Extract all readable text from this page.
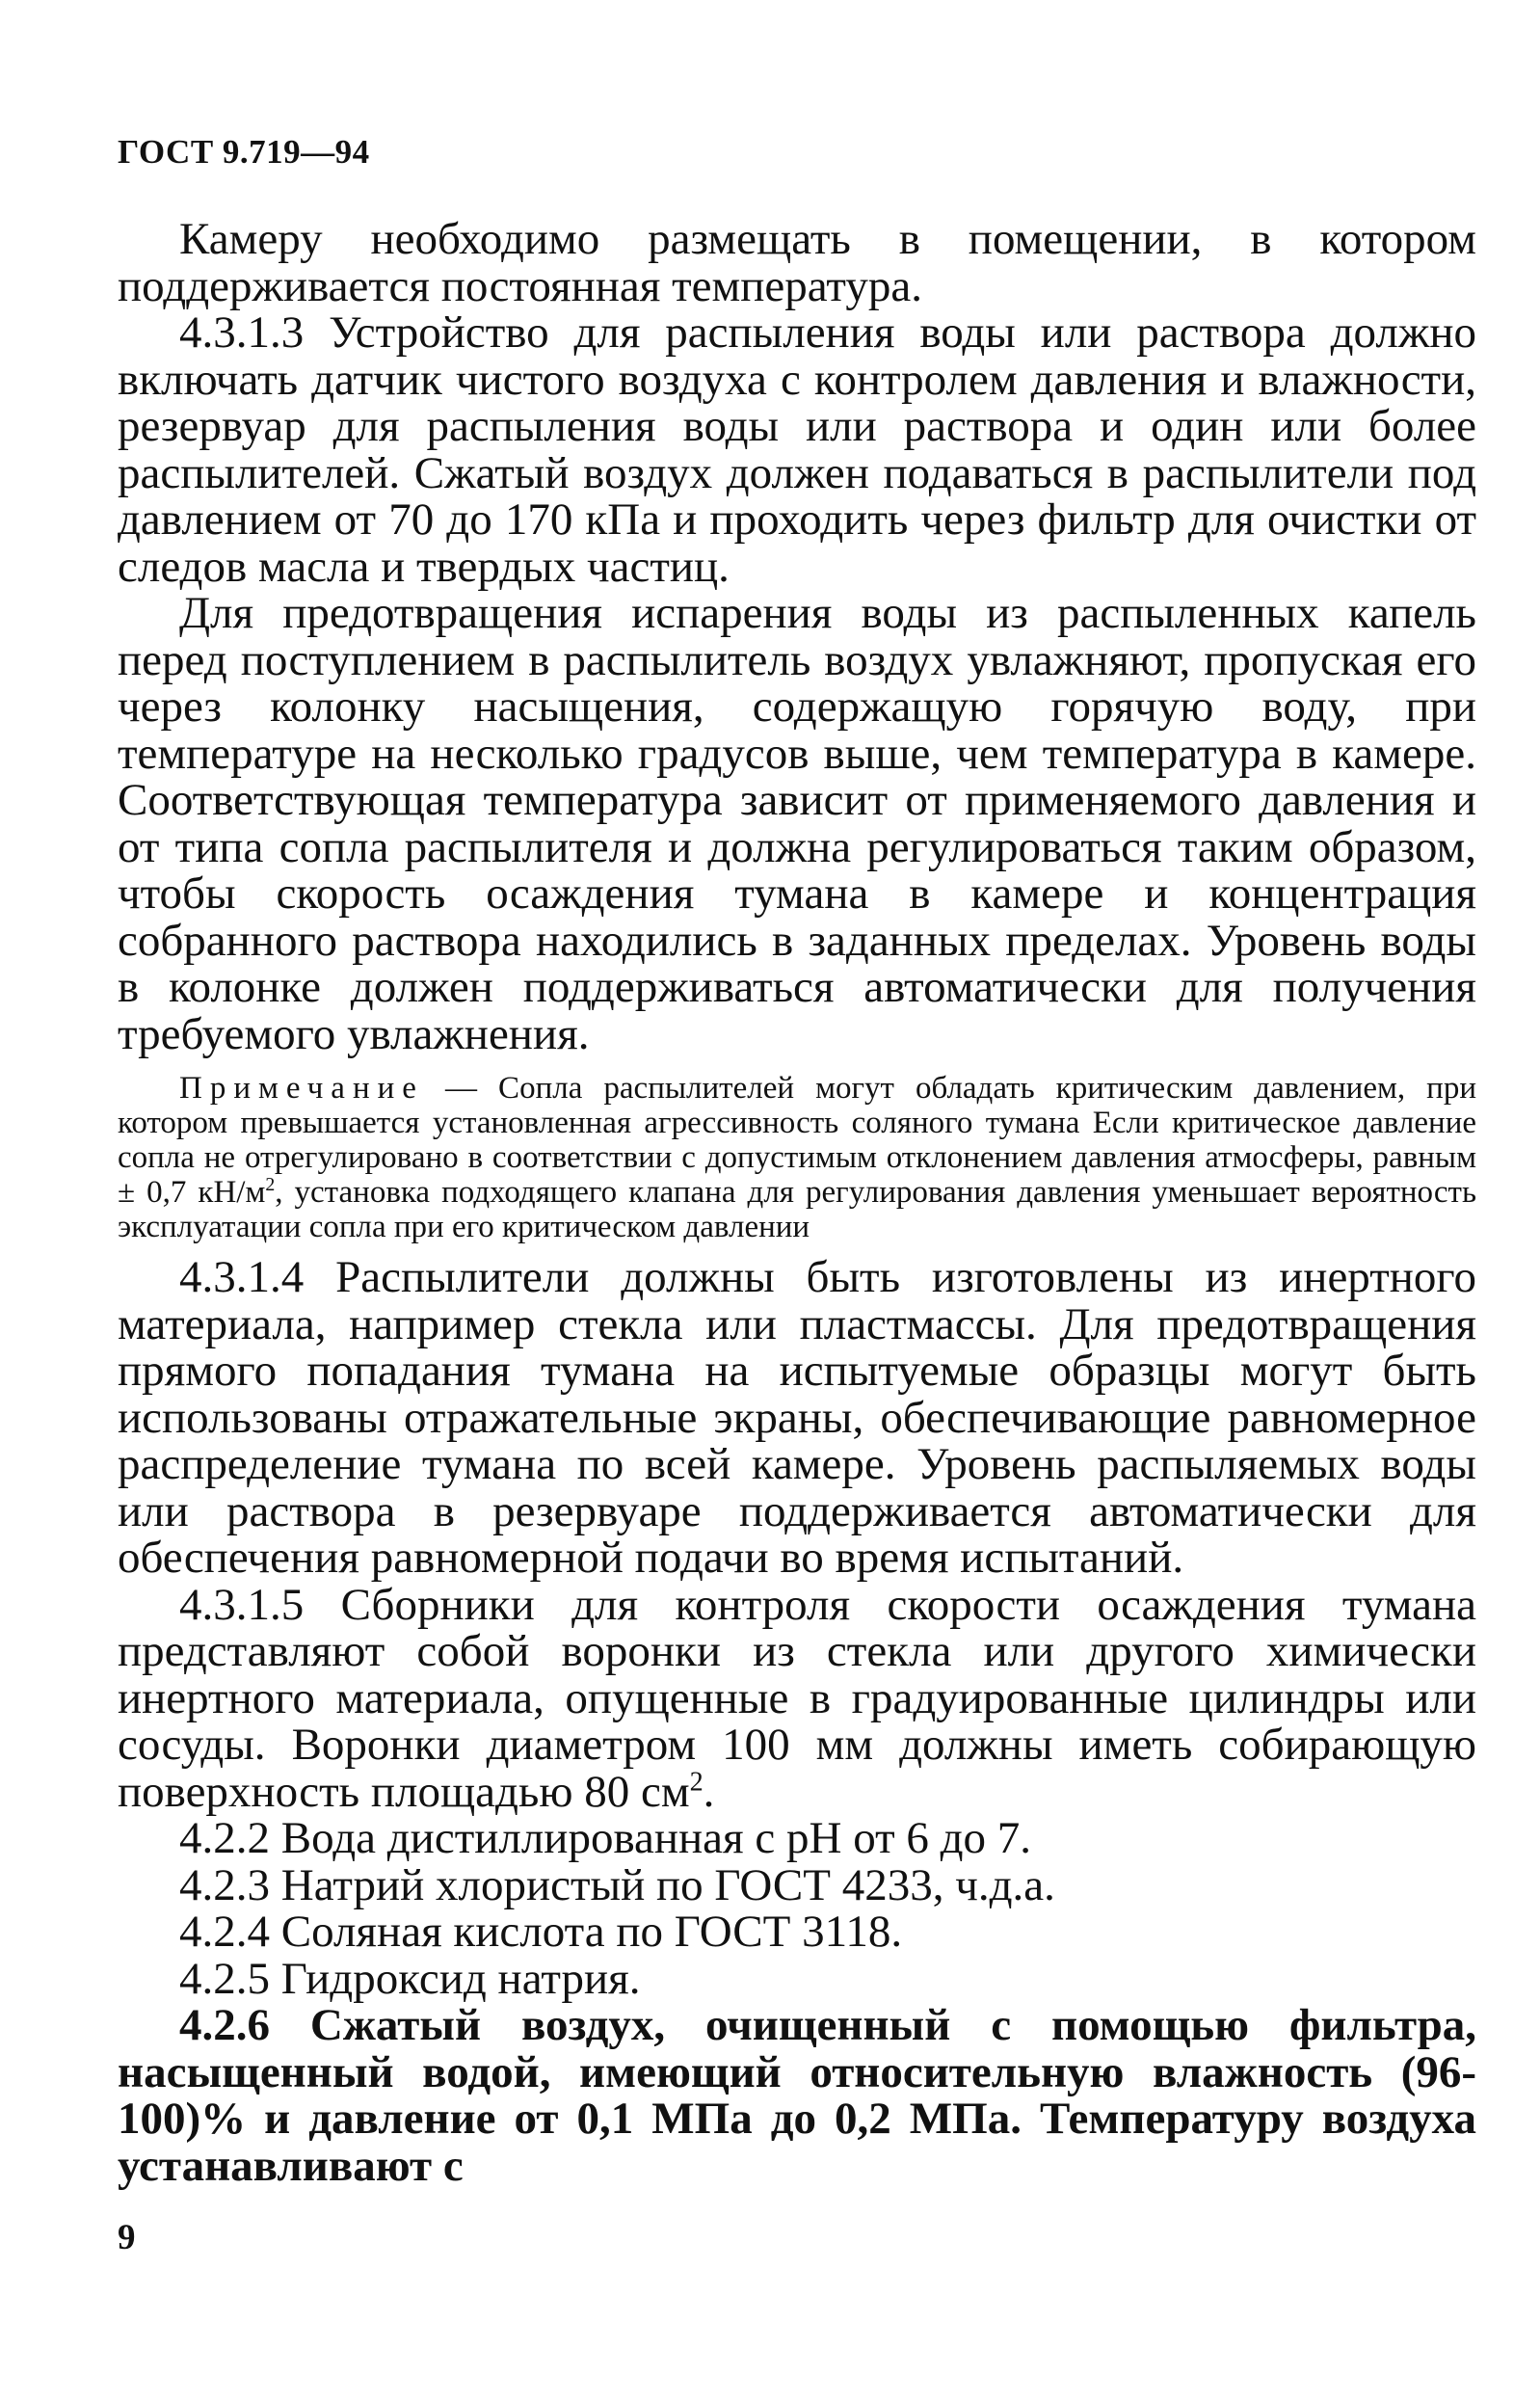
ГОСТ 9.719—94

Камеру необходимо размещать в помещении, в котором поддерживается постоянная температура.

4.3.1.3 Устройство для распыления воды или раствора должно включать датчик чистого воздуха с контролем давления и влажности, резервуар для распыления воды или раствора и один или более распылителей. Сжатый воздух должен подаваться в распылители под давлением от 70 до 170 кПа и проходить через фильтр для очистки от следов масла и твердых частиц.

Для предотвращения испарения воды из распыленных капель перед поступлением в распылитель воздух увлажняют, пропуская его через колонку насыщения, содержащую горячую воду, при температуре на несколько градусов выше, чем температура в камере. Соответствующая температура зависит от применяемого давления и от типа сопла распылителя и должна регулироваться таким образом, чтобы скорость осаждения тумана в камере и концентрация собранного раствора находились в заданных пределах. Уровень воды в колонке должен поддерживаться автоматически для получения требуемого увлажнения.

Примечание — Сопла распылителей могут обладать критическим давлением, при котором превышается установленная агрессивность соляного тумана Если критическое давление сопла не отрегулировано в соответствии с допустимым отклонением давления атмосферы, равным ± 0,7 $кН/м^2$, установка подходящего клапана для регулирования давления уменьшает вероятность эксплуатации сопла при его критическом давлении

4.3.1.4 Распылители должны быть изготовлены из инертного материала, например стекла или пластмассы. Для предотвращения прямого попадания тумана на испытуемые образцы могут быть использованы отражательные экраны, обеспечивающие равномерное распределение тумана по всей камере. Уровень распыляемых воды или раствора в резервуаре поддерживается автоматически для обеспечения равномерной подачи во время испытаний.

4.3.1.5 Сборники для контроля скорости осаждения тумана представляют собой воронки из стекла или другого химически инертного материала, опущенные в градуированные цилиндры или сосуды. Воронки диаметром 100 мм должны иметь собирающую поверхность площадью 80 $см^2$.

4.2.2 Вода дистиллированная с pH от 6 до 7.

4.2.3 Натрий хлористый по ГОСТ 4233, ч.д.а.

4.2.4 Соляная кислота по ГОСТ 3118.

4.2.5 Гидроксид натрия.

4.2.6 Сжатый воздух, очищенный с помощью фильтра, насыщенный водой, имеющий относительную влажность (96-100)% и давление от 0,1 МПа до 0,2 МПа. Температуру воздуха устанавливают с

9
